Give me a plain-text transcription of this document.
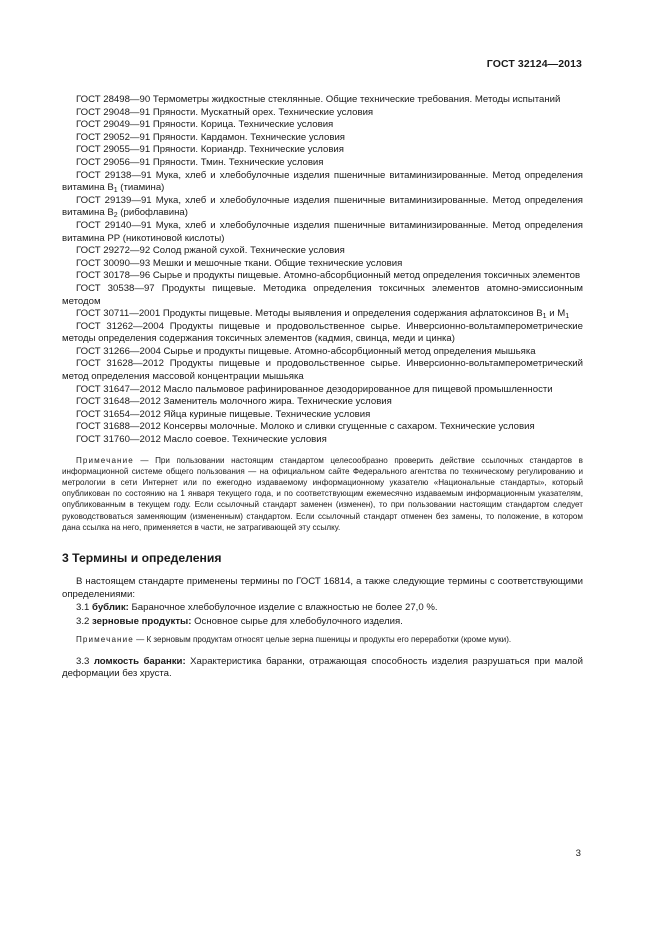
ГОСТ 32124—2013

ГОСТ 28498—90 Термометры жидкостные стеклянные. Общие технические требования. Методы испытаний

ГОСТ 29048—91 Пряности. Мускатный орех. Технические условия

ГОСТ 29049—91 Пряности. Корица. Технические условия

ГОСТ 29052—91 Пряности. Кардамон. Технические условия

ГОСТ 29055—91 Пряности. Кориандр. Технические условия

ГОСТ 29056—91 Пряности. Тмин. Технические условия

ГОСТ 29138—91 Мука, хлеб и хлебобулочные изделия пшеничные витаминизированные. Метод определения витамина $В_1$ (тиамина)

ГОСТ 29139—91 Мука, хлеб и хлебобулочные изделия пшеничные витаминизированные. Метод определения витамина $В_2$ (рибофлавина)

ГОСТ 29140—91 Мука, хлеб и хлебобулочные изделия пшеничные витаминизированные. Метод определения витамина РР (никотиновой кислоты)

ГОСТ 29272—92 Солод ржаной сухой. Технические условия

ГОСТ 30090—93 Мешки и мешочные ткани. Общие технические условия

ГОСТ 30178—96 Сырье и продукты пищевые. Атомно-абсорбционный метод определения токсичных элементов

ГОСТ 30538—97 Продукты пищевые. Методика определения токсичных элементов атомно-эмиссионным методом

ГОСТ 30711—2001 Продукты пищевые. Методы выявления и определения содержания афлатоксинов $В_1$ и $М_1$

ГОСТ 31262—2004 Продукты пищевые и продовольственное сырье. Инверсионно-вольтамперометрические методы определения содержания токсичных элементов (кадмия, свинца, меди и цинка)

ГОСТ 31266—2004 Сырье и продукты пищевые. Атомно-абсорбционный метод определения мышьяка

ГОСТ 31628—2012 Продукты пищевые и продовольственное сырье. Инверсионно-вольтамперометрический метод определения массовой концентрации мышьяка

ГОСТ 31647—2012 Масло пальмовое рафинированное дезодорированное для пищевой промышленности

ГОСТ 31648—2012 Заменитель молочного жира. Технические условия

ГОСТ 31654—2012 Яйца куриные пищевые. Технические условия

ГОСТ 31688—2012 Консервы молочные. Молоко и сливки сгущенные с сахаром. Технические условия

ГОСТ 31760—2012 Масло соевое. Технические условия

Примечание — При пользовании настоящим стандартом целесообразно проверить действие ссылочных стандартов в информационной системе общего пользования — на официальном сайте Федерального агентства по техническому регулированию и метрологии в сети Интернет или по ежегодно издаваемому информационному указателю «Национальные стандарты», который опубликован по состоянию на 1 января текущего года, и по соответствующим ежемесячно издаваемым информационным указателям, опубликованным в текущем году. Если ссылочный стандарт заменен (изменен), то при пользовании настоящим стандартом следует руководствоваться заменяющим (измененным) стандартом. Если ссылочный стандарт отменен без замены, то положение, в котором дана ссылка на него, применяется в части, не затрагивающей эту ссылку.

3 Термины и определения

В настоящем стандарте применены термины по ГОСТ 16814, а также следующие термины с соответствующими определениями:

3.1 бублик: Бараночное хлебобулочное изделие с влажностью не более 27,0 %.

3.2 зерновые продукты: Основное сырье для хлебобулочного изделия.

Примечание — К зерновым продуктам относят целые зерна пшеницы и продукты его переработки (кроме муки).

3.3 ломкость баранки: Характеристика баранки, отражающая способность изделия разрушаться при малой деформации без хруста.

3
